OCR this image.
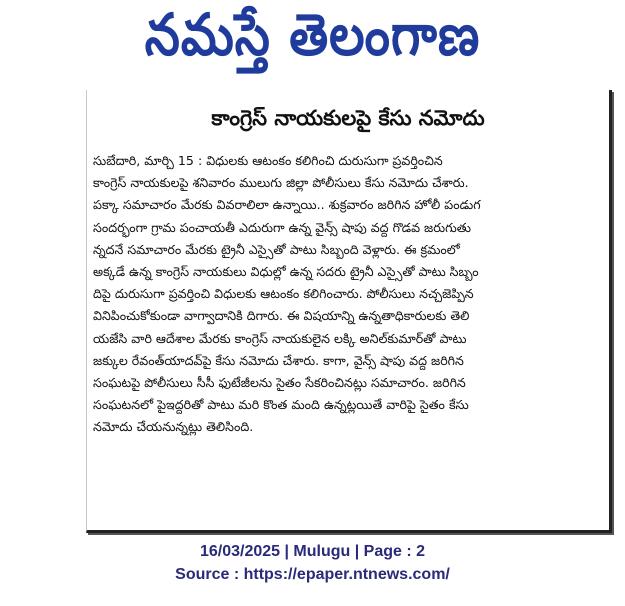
నమస్తే తెలంగాణ
కాంగ్రెస్ నాయకులపై కేసు నమోదు
సుబేదారి, మార్చి 15 : విధులకు ఆటంకం కలిగించి దురుసుగా ప్రవర్తించిన
కాంగ్రెస్ నాయకులపై శనివారం ములుగు జిల్లా పోలీసులు కేసు నమోదు చేశారు.
పక్కా సమాచారం మేరకు వివరాలిలా ఉన్నాయి.. శుక్రవారం జరిగిన హోలీ పండుగ
సందర్భంగా గ్రామ పంచాయతీ ఎదురుగా ఉన్న వైన్స్ షాపు వద్ద గొడవ జరుగుతు
న్నదనే సమాచారం మేరకు ట్రైనీ ఎస్సైతో పాటు సిబ్బంది వెళ్లారు. ఈ క్రమంలో
అక్కడే ఉన్న కాంగ్రెస్ నాయకులు విధుల్లో ఉన్న సదరు ట్రైనీ ఎస్సైతో పాటు సిబ్బం
దిపై దురుసుగా ప్రవర్తించి విధులకు ఆటంకం కలిగించారు. పోలీసులు నచ్చజెప్పిన
వినిపించుకోకుండా వాగ్వాదానికి దిగారు. ఈ విషయాన్ని ఉన్నతాధికారులకు తెలి
యజేసి వారి ఆదేశాల మేరకు కాంగ్రెస్ నాయకులైన లక్కి అనిల్‌కుమార్‌తో పాటు
జక్కుల రేవంత్‌యాదవ్‌పై కేసు నమోదు చేశారు. కాగా, వైన్స్ షాపు వద్ద జరిగిన
సంఘటపై పోలీసులు సీసీ ఫుటేజీలను సైతం సేకరించినట్లు సమాచారం. జరిగిన
సంఘటనలో పైఇద్దరితో పాటు మరి కొంత మంది ఉన్నట్లయితే వారిపై సైతం కేసు
నమోదు చేయనున్నట్లు తెలిసింది.
16/03/2025 | Mulugu | Page : 2
Source : https://epaper.ntnews.com/
